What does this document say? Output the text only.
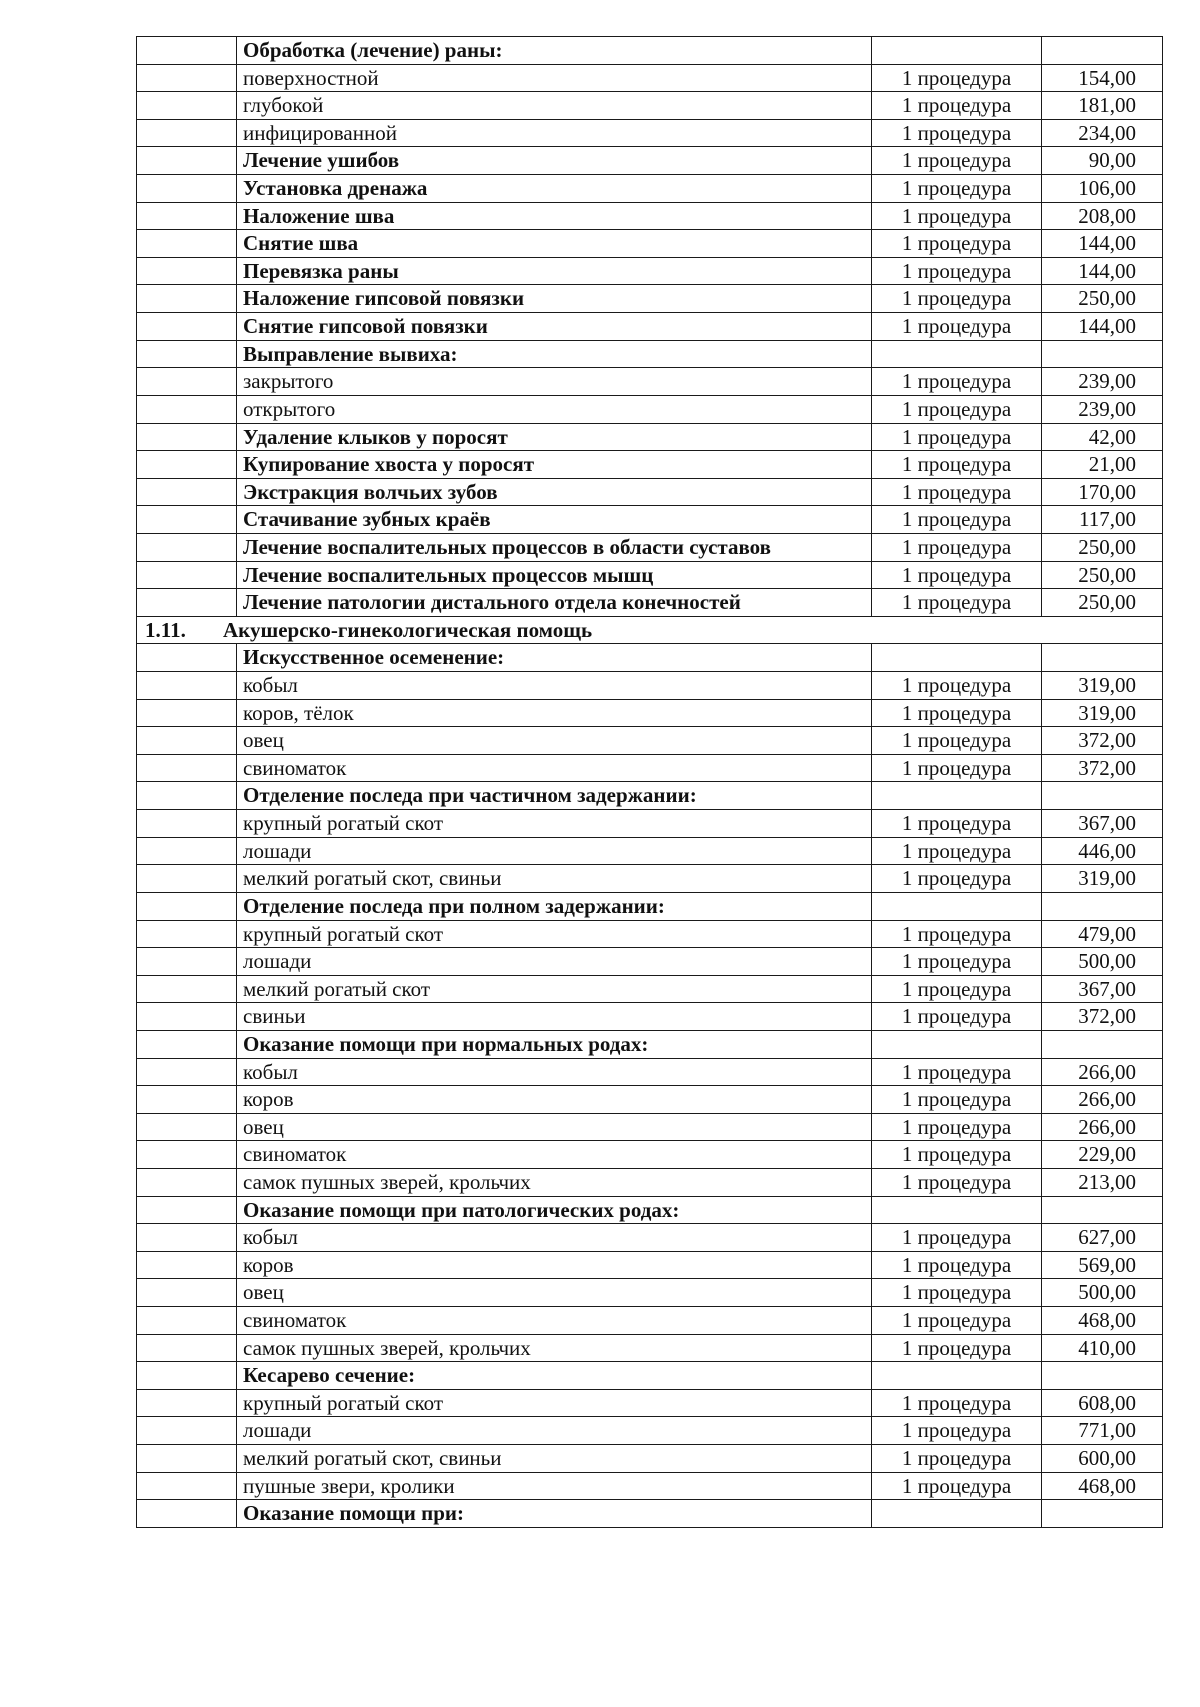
	Обработка (лечение) раны:		
	поверхностной	1 процедура	154,00
	глубокой	1 процедура	181,00
	инфицированной	1 процедура	234,00
	Лечение ушибов	1 процедура	90,00
	Установка дренажа	1 процедура	106,00
	Наложение шва	1 процедура	208,00
	Снятие шва	1 процедура	144,00
	Перевязка раны	1 процедура	144,00
	Наложение гипсовой повязки	1 процедура	250,00
	Снятие гипсовой повязки	1 процедура	144,00
	Выправление вывиха:		
	закрытого	1 процедура	239,00
	открытого	1 процедура	239,00
	Удаление клыков у поросят	1 процедура	42,00
	Купирование хвоста у поросят	1 процедура	21,00
	Экстракция волчьих зубов	1 процедура	170,00
	Стачивание зубных краёв	1 процедура	117,00
	Лечение воспалительных процессов в области суставов	1 процедура	250,00
	Лечение воспалительных процессов мышц	1 процедура	250,00
	Лечение патологии дистального отдела конечностей	1 процедура	250,00
1.11. Акушерско-гинекологическая помощь			
	Искусственное осеменение:		
	кобыл	1 процедура	319,00
	коров, тёлок	1 процедура	319,00
	овец	1 процедура	372,00
	свиноматок	1 процедура	372,00
	Отделение последа при частичном задержании:		
	крупный рогатый скот	1 процедура	367,00
	лошади	1 процедура	446,00
	мелкий рогатый скот, свиньи	1 процедура	319,00
	Отделение последа при полном задержании:		
	крупный рогатый скот	1 процедура	479,00
	лошади	1 процедура	500,00
	мелкий рогатый скот	1 процедура	367,00
	свиньи	1 процедура	372,00
	Оказание помощи при нормальных родах:		
	кобыл	1 процедура	266,00
	коров	1 процедура	266,00
	овец	1 процедура	266,00
	свиноматок	1 процедура	229,00
	самок пушных зверей, крольчих	1 процедура	213,00
	Оказание помощи при патологических родах:		
	кобыл	1 процедура	627,00
	коров	1 процедура	569,00
	овец	1 процедура	500,00
	свиноматок	1 процедура	468,00
	самок пушных зверей, крольчих	1 процедура	410,00
	Кесарево сечение:		
	крупный рогатый скот	1 процедура	608,00
	лошади	1 процедура	771,00
	мелкий рогатый скот, свиньи	1 процедура	600,00
	пушные звери, кролики	1 процедура	468,00
	Оказание помощи при:		
